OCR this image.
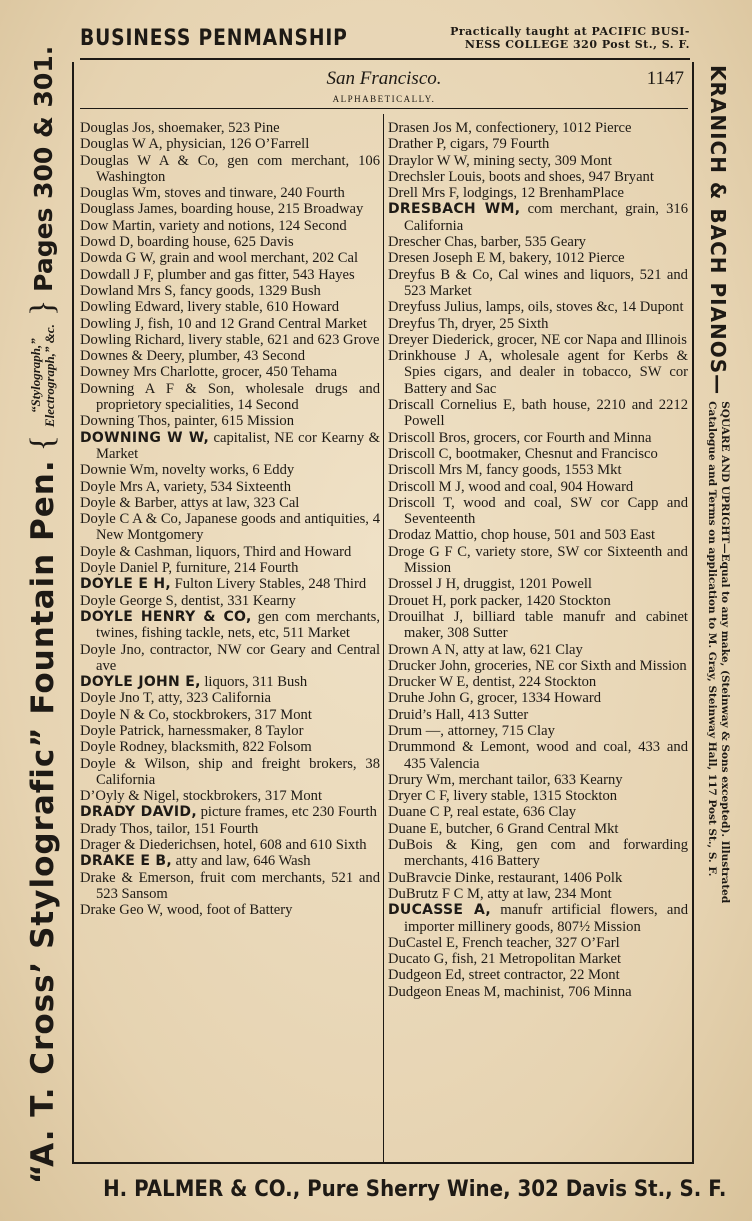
BUSINESS PENMANSHIP	Practically taught at PACIFIC BUSI-
NESS COLLEGE 320 Post St., S. F.
“A. T. Cross’ Stylografic” Fountain Pen.
{
“Stylograph,” Electrograph,” &c.
}
Pages 300 & 301.	KRANICH & BACH PIANOS—
SQUARE AND UPRIGHT—Equal to any make, (Steinway & Sons excepted). Illustrated
Catalogue and Terms on application to M. Gray, Steinway Hall, 117 Post St., S. F.
San Francisco.	1147
ALPHABETICALLY.

Douglas Jos, shoemaker, 523 Pine

Douglas W A, physician, 126 O’Farrell

Douglas W A & Co, gen com merchant, 106 Washington

Douglas Wm, stoves and tinware, 240 Fourth

Douglass James, boarding house, 215 Broadway

Dow Martin, variety and notions, 124 Second

Dowd D, boarding house, 625 Davis

Dowda G W, grain and wool merchant, 202 Cal

Dowdall J F, plumber and gas fitter, 543 Hayes

Dowland Mrs S, fancy goods, 1329 Bush

Dowling Edward, livery stable, 610 Howard

Dowling J, fish, 10 and 12 Grand Central Market

Dowling Richard, livery stable, 621 and 623 Grove

Downes & Deery, plumber, 43 Second

Downey Mrs Charlotte, grocer, 450 Tehama

Downing A F & Son, wholesale drugs and proprietory specialities, 14 Second

Downing Thos, painter, 615 Mission

DOWNING W W, capitalist, NE cor Kearny & Market

Downie Wm, novelty works, 6 Eddy

Doyle Mrs A, variety, 534 Sixteenth

Doyle & Barber, attys at law, 323 Cal

Doyle C A & Co, Japanese goods and antiquities, 4 New Montgomery

Doyle & Cashman, liquors, Third and Howard

Doyle Daniel P, furniture, 214 Fourth

DOYLE E H, Fulton Livery Stables, 248 Third

Doyle George S, dentist, 331 Kearny

DOYLE HENRY & CO, gen com merchants, twines, fishing tackle, nets, etc, 511 Market

Doyle Jno, contractor, NW cor Geary and Central ave

DOYLE JOHN E, liquors, 311 Bush

Doyle Jno T, atty, 323 California

Doyle N & Co, stockbrokers, 317 Mont

Doyle Patrick, harnessmaker, 8 Taylor

Doyle Rodney, blacksmith, 822 Folsom

Doyle & Wilson, ship and freight brokers, 38 California

D’Oyly & Nigel, stockbrokers, 317 Mont

DRADY DAVID, picture frames, etc 230 Fourth

Drady Thos, tailor, 151 Fourth

Drager & Diederichsen, hotel, 608 and 610 Sixth

DRAKE E B, atty and law, 646 Wash

Drake & Emerson, fruit com merchants, 521 and 523 Sansom

Drake Geo W, wood, foot of Battery

Drasen Jos M, confectionery, 1012 Pierce

Drather P, cigars, 79 Fourth

Draylor W W, mining secty, 309 Mont

Drechsler Louis, boots and shoes, 947 Bryant

Drell Mrs F, lodgings, 12 BrenhamPlace

DRESBACH WM, com merchant, grain, 316 California

Drescher Chas, barber, 535 Geary

Dresen Joseph E M, bakery, 1012 Pierce

Dreyfus B & Co, Cal wines and liquors, 521 and 523 Market

Dreyfuss Julius, lamps, oils, stoves &c, 14 Dupont

Dreyfus Th, dryer, 25 Sixth

Dreyer Diederick, grocer, NE cor Napa and Illinois

Drinkhouse J A, wholesale agent for Kerbs & Spies cigars, and dealer in tobacco, SW cor Battery and Sac

Driscall Cornelius E, bath house, 2210 and 2212 Powell

Driscoll Bros, grocers, cor Fourth and Minna

Driscoll C, bootmaker, Chesnut and Francisco

Driscoll Mrs M, fancy goods, 1553 Mkt

Driscoll M J, wood and coal, 904 Howard

Driscoll T, wood and coal, SW cor Capp and Seventeenth

Drodaz Mattio, chop house, 501 and 503 East

Droge G F C, variety store, SW cor Sixteenth and Mission

Drossel J H, druggist, 1201 Powell

Drouet H, pork packer, 1420 Stockton

Drouilhat J, billiard table manufr and cabinet maker, 308 Sutter

Drown A N, atty at law, 621 Clay

Drucker John, groceries, NE cor Sixth and Mission

Drucker W E, dentist, 224 Stockton

Druhe John G, grocer, 1334 Howard

Druid’s Hall, 413 Sutter

Drum —, attorney, 715 Clay

Drummond & Lemont, wood and coal, 433 and 435 Valencia

Drury Wm, merchant tailor, 633 Kearny

Dryer C F, livery stable, 1315 Stockton

Duane C P, real estate, 636 Clay

Duane E, butcher, 6 Grand Central Mkt

DuBois & King, gen com and forwarding merchants, 416 Battery

DuBravcie Dinke, restaurant, 1406 Polk

DuBrutz F C M, atty at law, 234 Mont

DUCASSE A, manufr artificial flowers, and importer millinery goods, 807½ Mission

DuCastel E, French teacher, 327 O’Farl

Ducato G, fish, 21 Metropolitan Market

Dudgeon Ed, street contractor, 22 Mont

Dudgeon Eneas M, machinist, 706 Minna

H. PALMER & CO., Pure Sherry Wine, 302 Davis St., S. F.
